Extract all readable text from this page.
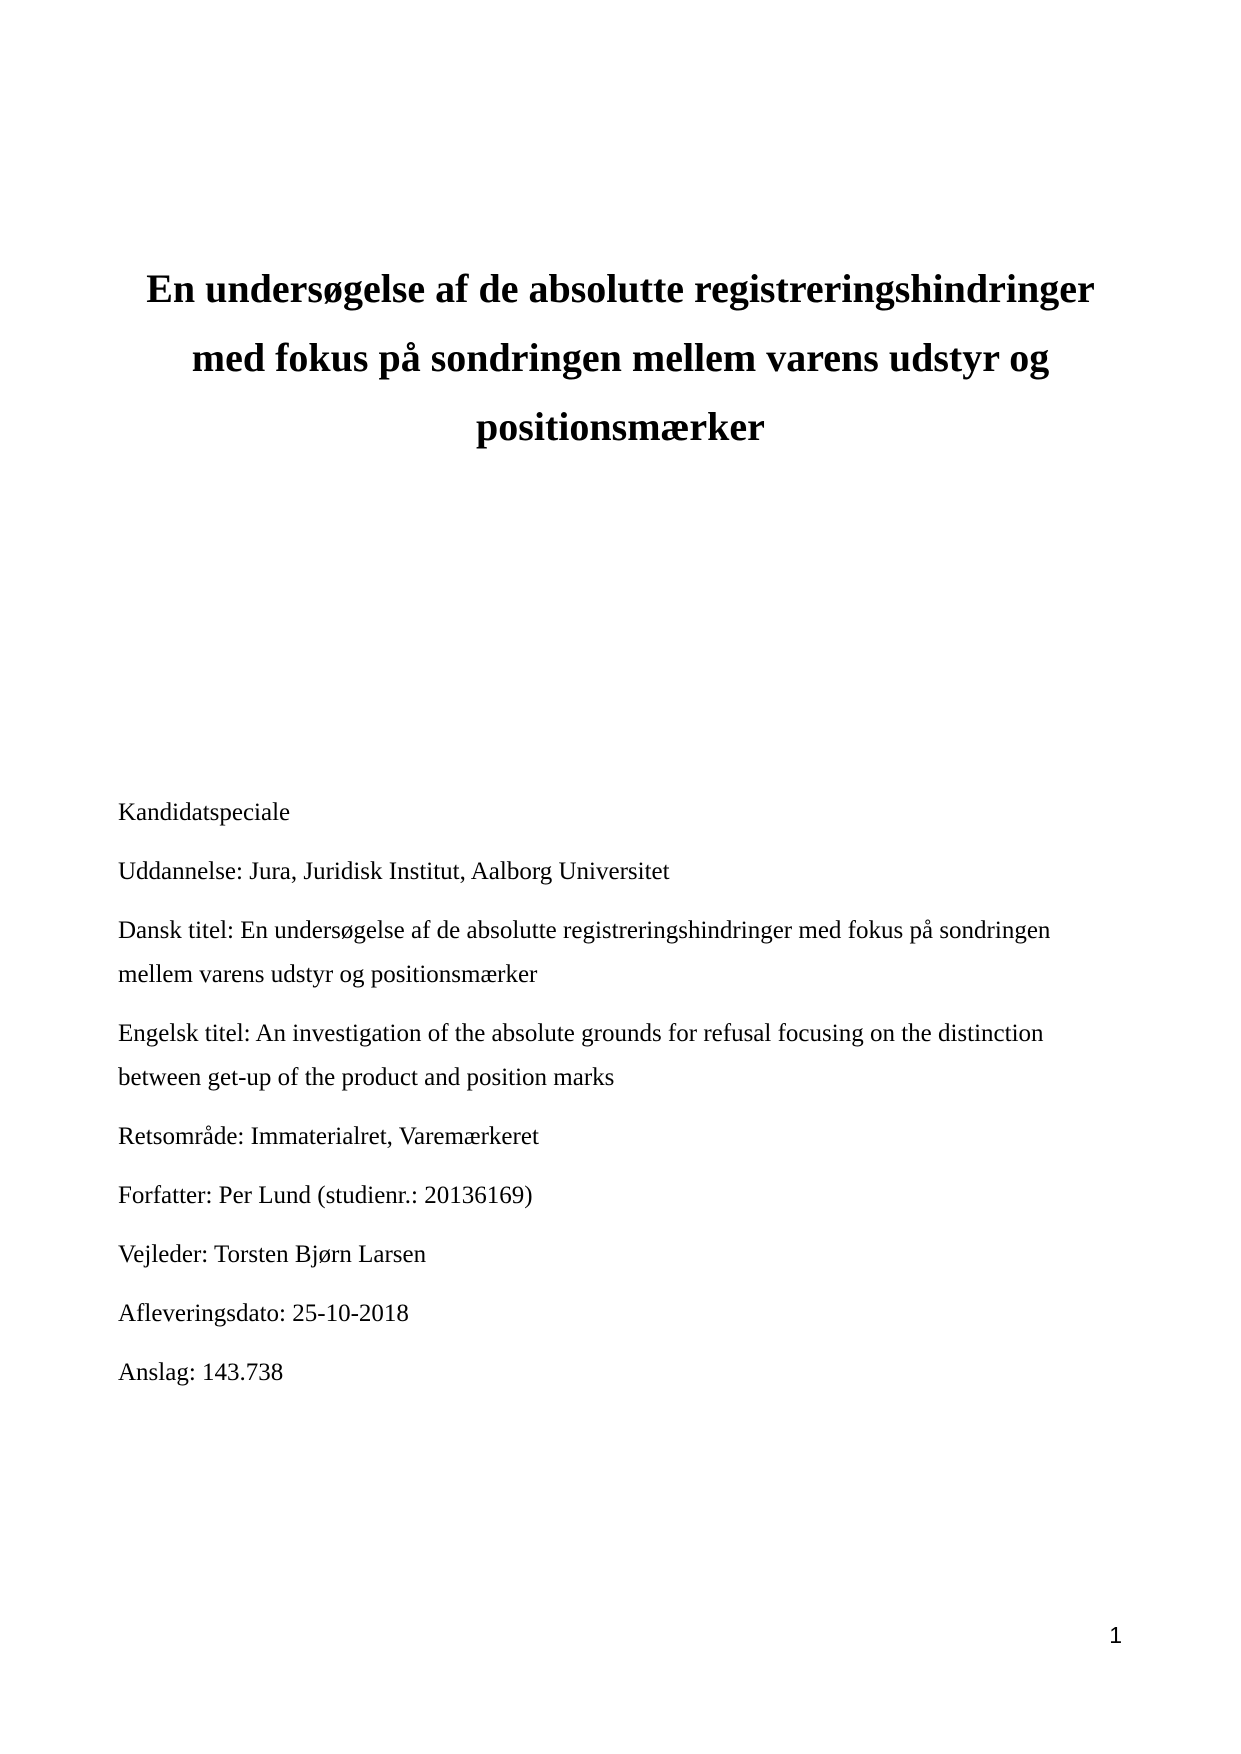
En undersøgelse af de absolutte registreringshindringer
med fokus på sondringen mellem varens udstyr og
positionsmærker

Kandidatspeciale

Uddannelse: Jura, Juridisk Institut, Aalborg Universitet

Dansk titel: En undersøgelse af de absolutte registreringshindringer med fokus på sondringen mellem varens udstyr og positionsmærker

Engelsk titel: An investigation of the absolute grounds for refusal focusing on the distinction between get-up of the product and position marks

Retsområde: Immaterialret, Varemærkeret

Forfatter: Per Lund (studienr.: 20136169)

Vejleder: Torsten Bjørn Larsen

Afleveringsdato: 25-10-2018

Anslag: 143.738

1
